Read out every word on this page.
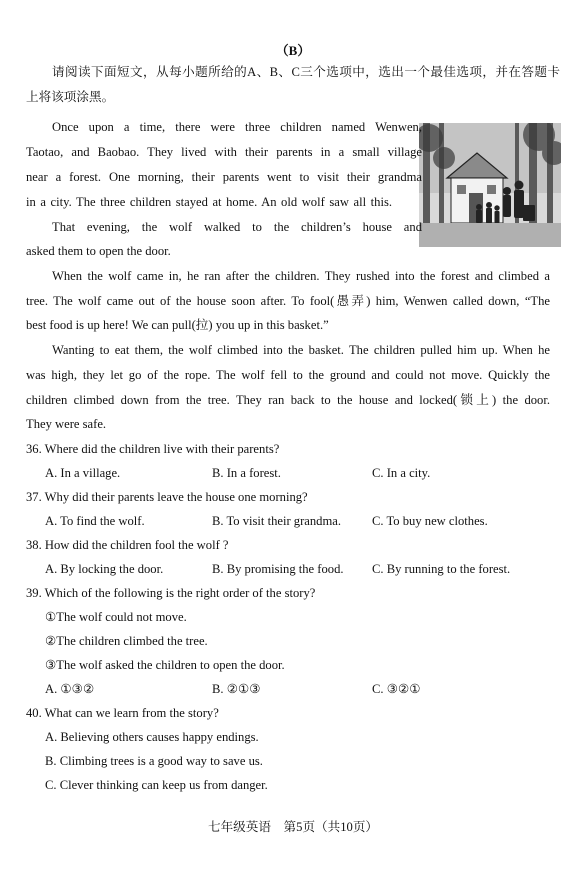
（B）
请阅读下面短文，从每小题所给的A、B、C三个选项中，选出一个最佳选项，并在答题卡
上将该项涂黑。
Once upon a time, there were three children named Wenwen,
Taotao, and Baobao. They lived with their parents in a small village
near a forest. One morning, their parents went to visit their grandma
in a city. The three children stayed at home. An old wolf saw all this.
That evening, the wolf walked to the children’s house and
asked them to open the door.
When the wolf came in, he ran after the children. They rushed into the forest and climbed a
tree. The wolf came out of the house soon after. To fool(愚弄) him, Wenwen called down, “The
best food is up here! We can pull(拉) you up in this basket.”
Wanting to eat them, the wolf climbed into the basket. The children pulled him up. When he
was high, they let go of the rope. The wolf fell to the ground and could not move. Quickly the
children climbed down from the tree. They ran back to the house and locked(锁上) the door.
They were safe.
36. Where did the children live with their parents?
A. In a village.	B. In a forest.	C. In a city.
37. Why did their parents leave the house one morning?
A. To find the wolf.	B. To visit their grandma. C. To buy new clothes.
38. How did the children fool the wolf ?
A. By locking the door.	B. By promising the food. C. By running to the forest.
39. Which of the following is the right order of the story?
①The wolf could not move.
②The children climbed the tree.
③The wolf asked the children to open the door.
A. ①③②	B. ②①③	C. ③②①
40. What can we learn from the story?
A. Believing others causes happy endings.
B. Climbing trees is a good way to save us.
C. Clever thinking can keep us from danger.
七年级英语　第5页（共10页）
